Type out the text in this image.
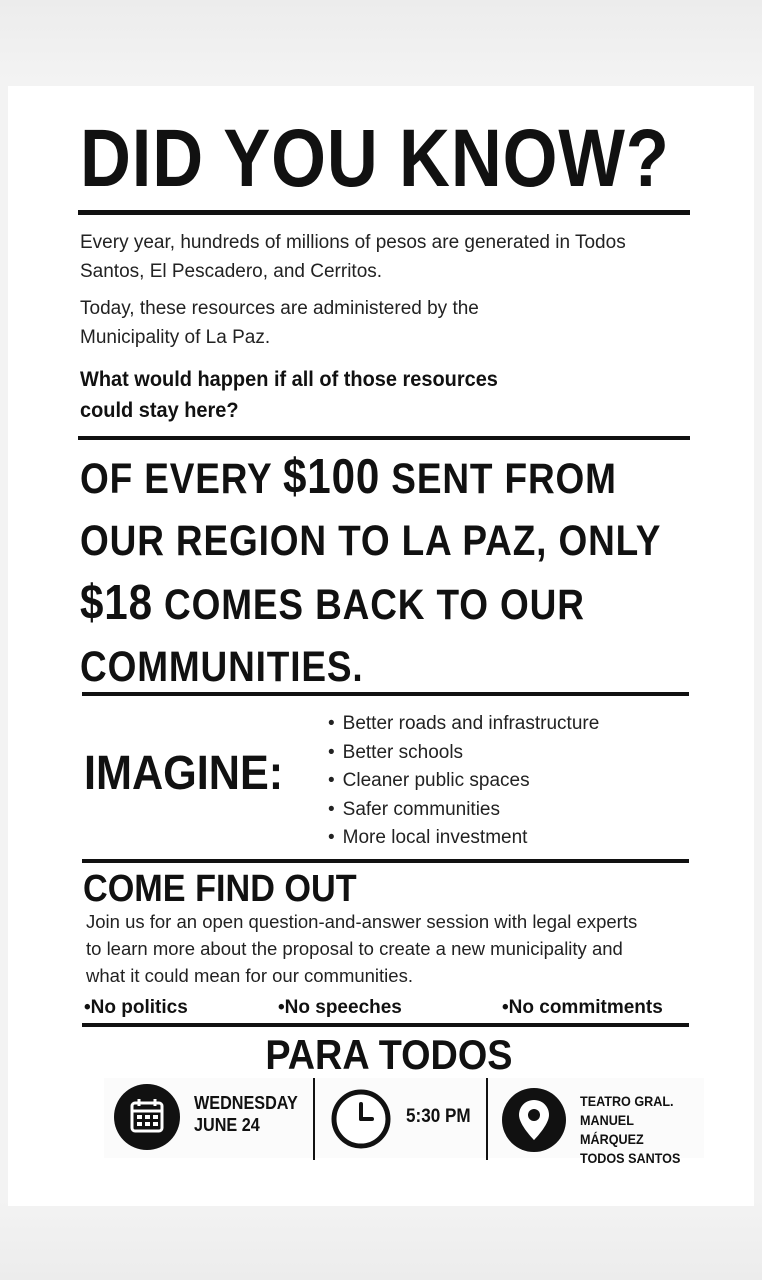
DID YOU KNOW?
Every year, hundreds of millions of pesos are generated in Todos Santos, El Pescadero, and Cerritos.
Today, these resources are administered by the Municipality of La Paz.
What would happen if all of those resources could stay here?
OF EVERY $100 SENT FROM
OUR REGION TO LA PAZ, ONLY
$18 COMES BACK TO OUR
COMMUNITIES.
IMAGINE:
• Better roads and infrastructure
• Better schools
• Cleaner public spaces
• Safer communities
• More local investment
COME FIND OUT
Join us for an open question-and-answer session with legal experts to learn more about the proposal to create a new municipality and what it could mean for our communities.
•No politics	•No speeches	•No commitments
PARA TODOS
WEDNESDAY
JUNE 24	5:30 PM
TEATRO GRAL.
MANUEL MÁRQUEZ
TODOS SANTOS
